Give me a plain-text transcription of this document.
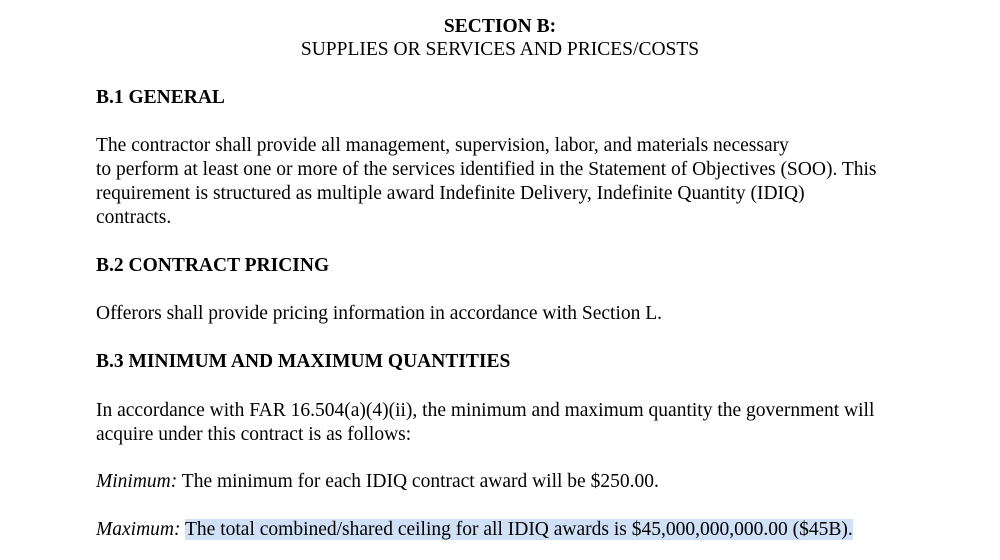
SECTION B:
SUPPLIES OR SERVICES AND PRICES/COSTS
B.1 GENERAL
The contractor shall provide all management, supervision, labor, and materials necessary
to perform at least one or more of the services identified in the Statement of Objectives (SOO). This
requirement is structured as multiple award Indefinite Delivery, Indefinite Quantity (IDIQ)
contracts.
B.2 CONTRACT PRICING
Offerors shall provide pricing information in accordance with Section L.
B.3 MINIMUM AND MAXIMUM QUANTITIES
In accordance with FAR 16.504(a)(4)(ii), the minimum and maximum quantity the government will
acquire under this contract is as follows:
Minimum: The minimum for each IDIQ contract award will be $250.00.
Maximum: The total combined/shared ceiling for all IDIQ awards is $45,000,000,000.00 ($45B).
